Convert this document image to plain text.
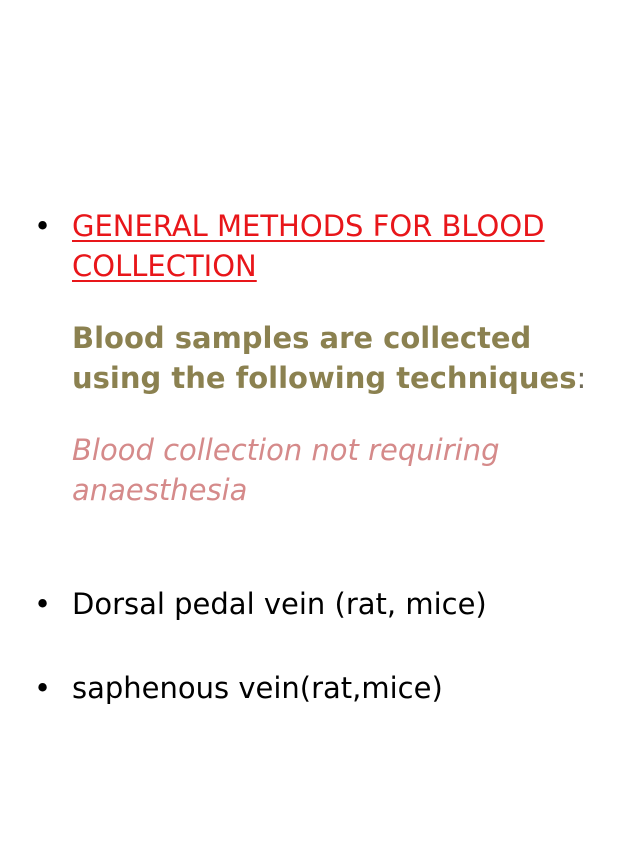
• GENERAL METHODS FOR BLOOD
COLLECTION
Blood samples are collected
using the following techniques:
Blood collection not requiring
anaesthesia
• Dorsal pedal vein (rat, mice)
• saphenous vein(rat,mice)
